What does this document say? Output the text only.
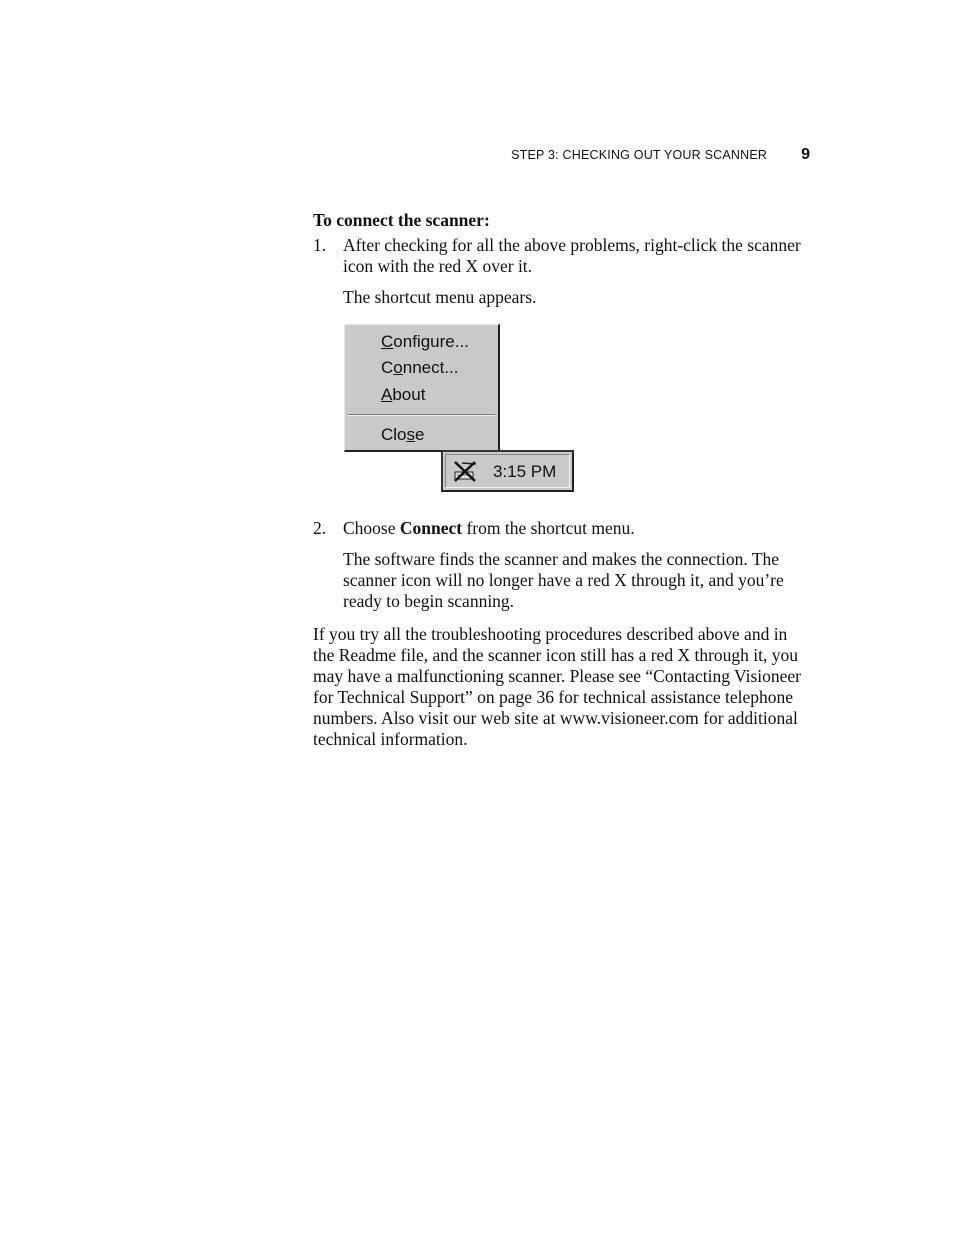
STEP 3: CHECKING OUT YOUR SCANNER 9
To connect the scanner:
1. After checking for all the above problems, right-click the scanner icon with the red X over it.
The shortcut menu appears.
Configure...
Connect...
About
Close
3:15 PM
2. Choose Connect from the shortcut menu.
The software finds the scanner and makes the connection. The scanner icon will no longer have a red X through it, and you’re ready to begin scanning.
If you try all the troubleshooting procedures described above and in the Readme file, and the scanner icon still has a red X through it, you may have a malfunctioning scanner. Please see “Contacting Visioneer for Technical Support” on page 36 for technical assistance telephone numbers. Also visit our web site at www.visioneer.com for additional technical information.
